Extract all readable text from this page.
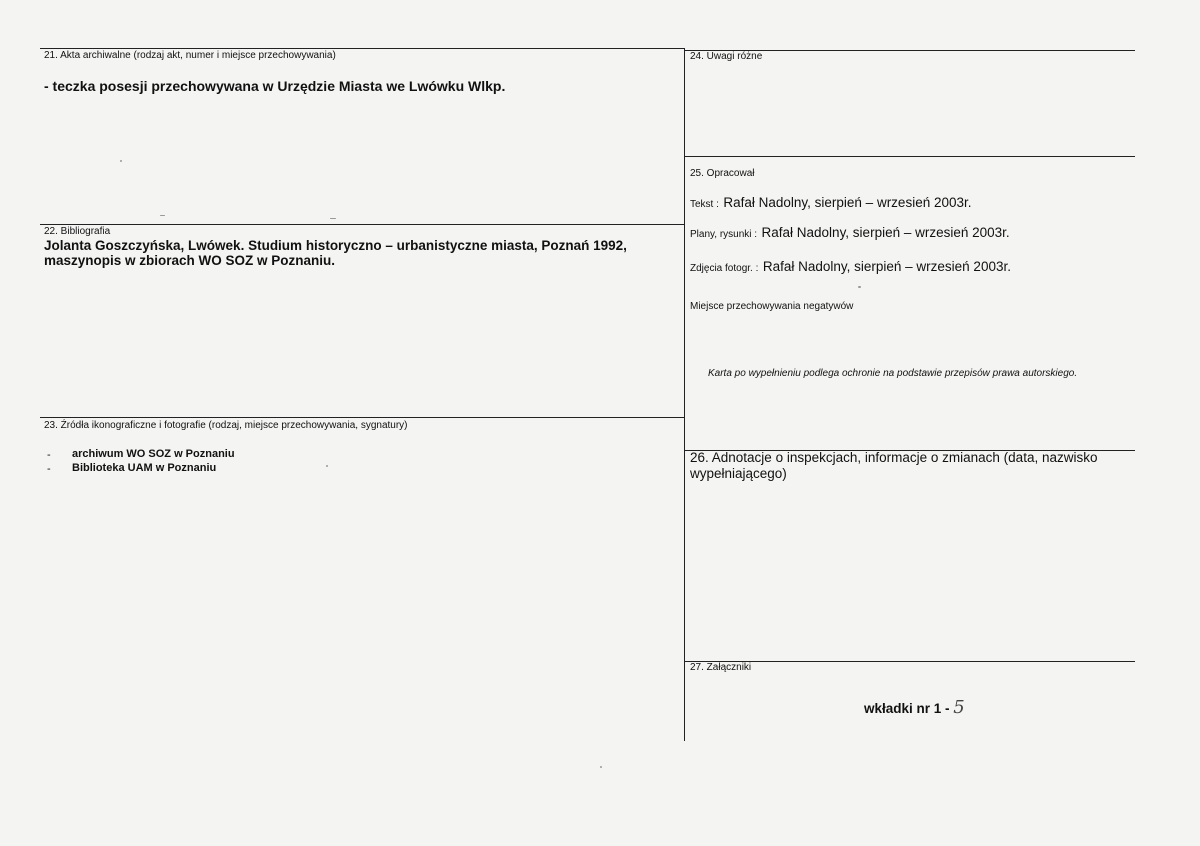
21. Akta archiwalne (rodzaj akt, numer i miejsce przechowywania)
- teczka posesji przechowywana w Urzędzie Miasta we Lwówku Wlkp.
22. Bibliografia
Jolanta Goszczyńska, Lwówek. Studium historyczno – urbanistyczne miasta, Poznań 1992,
maszynopis w zbiorach WO SOZ w Poznaniu.
23. Źródła ikonograficzne i fotografie (rodzaj, miejsce przechowywania, sygnatury)
- archiwum WO SOZ w Poznaniu
- Biblioteka UAM w Poznaniu
24. Uwagi różne
25. Opracował
Tekst : Rafał Nadolny, sierpień – wrzesień 2003r.
Plany, rysunki : Rafał Nadolny, sierpień – wrzesień 2003r.
Zdjęcia fotogr. : Rafał Nadolny, sierpień – wrzesień 2003r.
Miejsce przechowywania negatywów
Karta po wypełnieniu podlega ochronie na podstawie przepisów prawa autorskiego.
26. Adnotacje o inspekcjach, informacje o zmianach (data, nazwisko
wypełniającego)
27. Załączniki
wkładki nr 1 - 5
